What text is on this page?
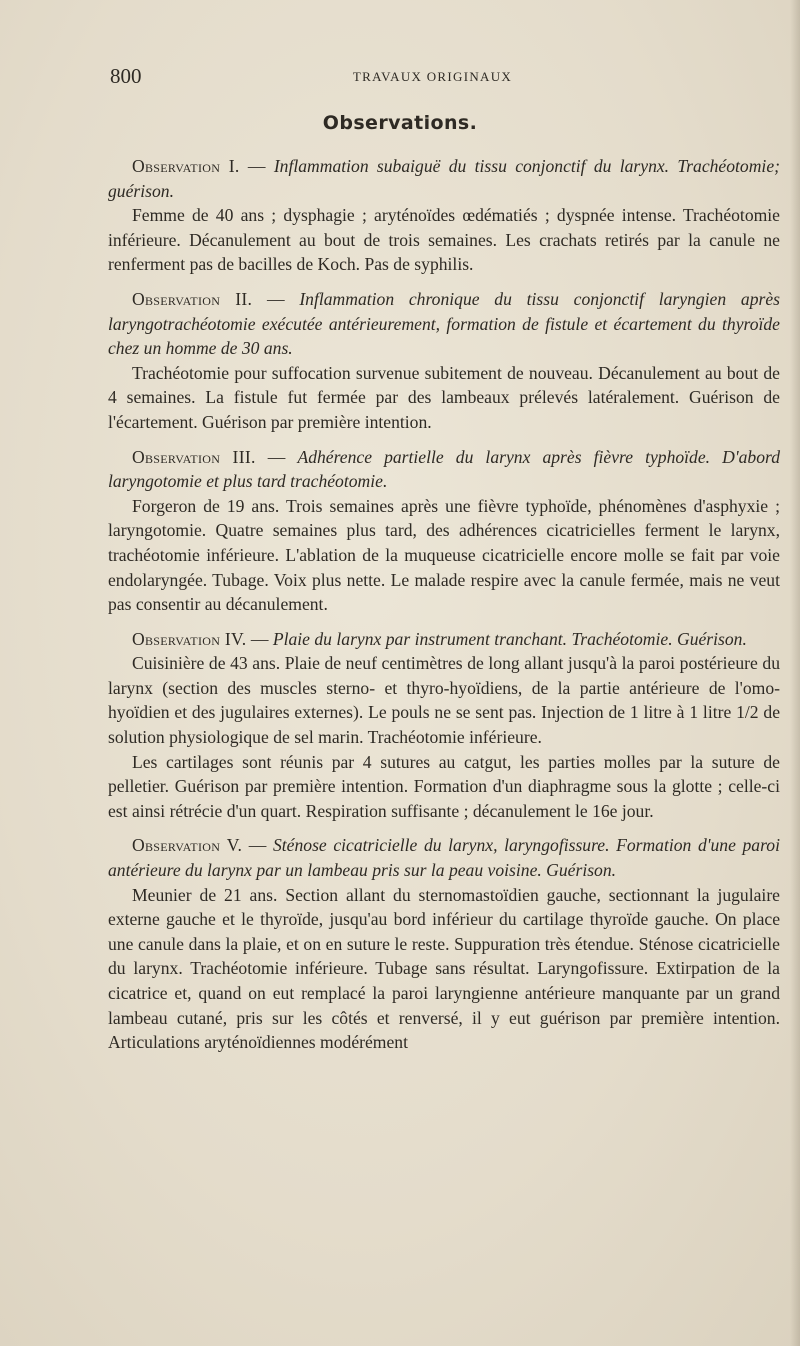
800	TRAVAUX ORIGINAUX
Observations.

Observation I. — Inflammation subaiguë du tissu conjonctif du larynx. Trachéotomie; guérison.

Femme de 40 ans ; dysphagie ; aryténoïdes œdématiés ; dyspnée intense. Trachéotomie inférieure. Décanulement au bout de trois semaines. Les crachats retirés par la canule ne renferment pas de bacilles de Koch. Pas de syphilis.

Observation II. — Inflammation chronique du tissu conjonctif laryngien après laryngotrachéotomie exécutée antérieurement, formation de fistule et écartement du thyroïde chez un homme de 30 ans.

Trachéotomie pour suffocation survenue subitement de nouveau. Décanulement au bout de 4 semaines. La fistule fut fermée par des lambeaux prélevés latéralement. Guérison de l'écartement. Guérison par première intention.

Observation III. — Adhérence partielle du larynx après fièvre typhoïde. D'abord laryngotomie et plus tard trachéotomie.

Forgeron de 19 ans. Trois semaines après une fièvre typhoïde, phénomènes d'asphyxie ; laryngotomie. Quatre semaines plus tard, des adhérences cicatricielles ferment le larynx, trachéotomie inférieure. L'ablation de la muqueuse cicatricielle encore molle se fait par voie endolaryngée. Tubage. Voix plus nette. Le malade respire avec la canule fermée, mais ne veut pas consentir au décanulement.

Observation IV. — Plaie du larynx par instrument tranchant. Trachéotomie. Guérison.

Cuisinière de 43 ans. Plaie de neuf centimètres de long allant jusqu'à la paroi postérieure du larynx (section des muscles sterno- et thyro-hyoïdiens, de la partie antérieure de l'omo-hyoïdien et des jugulaires externes). Le pouls ne se sent pas. Injection de 1 litre à 1 litre 1/2 de solution physiologique de sel marin. Trachéotomie inférieure.

Les cartilages sont réunis par 4 sutures au catgut, les parties molles par la suture de pelletier. Guérison par première intention. Formation d'un diaphragme sous la glotte ; celle-ci est ainsi rétrécie d'un quart. Respiration suffisante ; décanulement le 16e jour.

Observation V. — Sténose cicatricielle du larynx, laryngofissure. Formation d'une paroi antérieure du larynx par un lambeau pris sur la peau voisine. Guérison.

Meunier de 21 ans. Section allant du sternomastoïdien gauche, sectionnant la jugulaire externe gauche et le thyroïde, jusqu'au bord inférieur du cartilage thyroïde gauche. On place une canule dans la plaie, et on en suture le reste. Suppuration très étendue. Sténose cicatricielle du larynx. Trachéotomie inférieure. Tubage sans résultat. Laryngofissure. Extirpation de la cicatrice et, quand on eut remplacé la paroi laryngienne antérieure manquante par un grand lambeau cutané, pris sur les côtés et renversé, il y eut guérison par première intention. Articulations aryténoïdiennes modérément
